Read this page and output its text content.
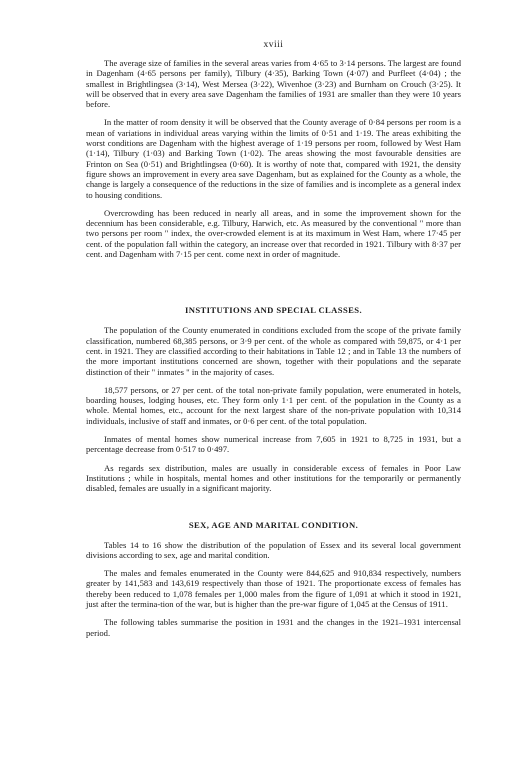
xviii

The average size of families in the several areas varies from 4·65 to 3·14 persons. The largest are found in Dagenham (4·65 persons per family), Tilbury (4·35), Barking Town (4·07) and Purfleet (4·04) ; the smallest in Brightlingsea (3·14), West Mersea (3·22), Wivenhoe (3·23) and Burnham on Crouch (3·25). It will be observed that in every area save Dagenham the families of 1931 are smaller than they were 10 years before.

In the matter of room density it will be observed that the County average of 0·84 persons per room is a mean of variations in individual areas varying within the limits of 0·51 and 1·19. The areas exhibiting the worst conditions are Dagenham with the highest average of 1·19 persons per room, followed by West Ham (1·14), Tilbury (1·03) and Barking Town (1·02). The areas showing the most favourable densities are Frinton on Sea (0·51) and Brightlingsea (0·60). It is worthy of note that, compared with 1921, the density figure shows an improvement in every area save Dagenham, but as explained for the County as a whole, the change is largely a consequence of the reductions in the size of families and is incomplete as a general index to housing conditions.

Overcrowding has been reduced in nearly all areas, and in some the improvement shown for the decennium has been considerable, e.g. Tilbury, Harwich, etc. As measured by the conventional " more than two persons per room " index, the over-crowded element is at its maximum in West Ham, where 17·45 per cent. of the population fall within the category, an increase over that recorded in 1921. Tilbury with 8·37 per cent. and Dagenham with 7·15 per cent. come next in order of magnitude.

INSTITUTIONS AND SPECIAL CLASSES.

The population of the County enumerated in conditions excluded from the scope of the private family classification, numbered 68,385 persons, or 3·9 per cent. of the whole as compared with 59,875, or 4·1 per cent. in 1921. They are classified according to their habitations in Table 12 ; and in Table 13 the numbers of the more important institutions concerned are shown, together with their populations and the separate distinction of their " inmates " in the majority of cases.

18,577 persons, or 27 per cent. of the total non-private family population, were enumerated in hotels, boarding houses, lodging houses, etc. They form only 1·1 per cent. of the population in the County as a whole. Mental homes, etc., account for the next largest share of the non-private population with 10,314 individuals, inclusive of staff and inmates, or 0·6 per cent. of the total population.

Inmates of mental homes show numerical increase from 7,605 in 1921 to 8,725 in 1931, but a percentage decrease from 0·517 to 0·497.

As regards sex distribution, males are usually in considerable excess of females in Poor Law Institutions ; while in hospitals, mental homes and other institutions for the temporarily or permanently disabled, females are usually in a significant majority.

SEX, AGE AND MARITAL CONDITION.

Tables 14 to 16 show the distribution of the population of Essex and its several local government divisions according to sex, age and marital condition.

The males and females enumerated in the County were 844,625 and 910,834 respectively, numbers greater by 141,583 and 143,619 respectively than those of 1921. The proportionate excess of females has thereby been reduced to 1,078 females per 1,000 males from the figure of 1,091 at which it stood in 1921, just after the termina-tion of the war, but is higher than the pre-war figure of 1,045 at the Census of 1911.

The following tables summarise the position in 1931 and the changes in the 1921–1931 intercensal period.
